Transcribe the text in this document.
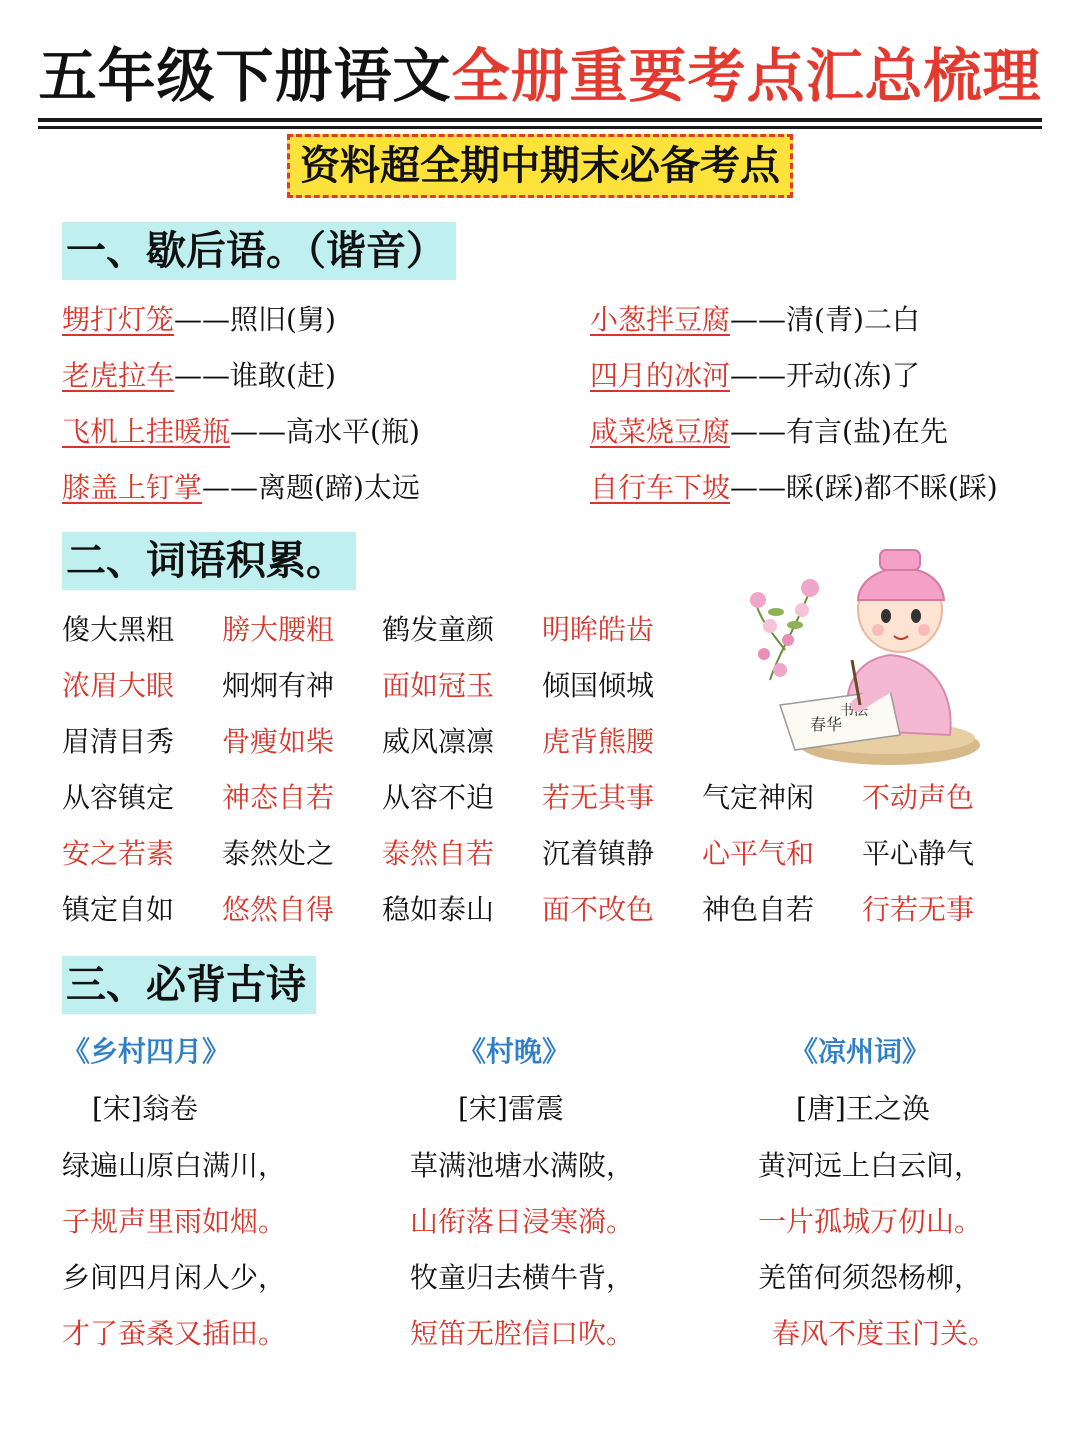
五年级下册语文全册重要考点汇总梳理
资料超全期中期末必备考点
一、歇后语。（谐音）
甥打灯笼——照旧(舅)
老虎拉车——谁敢(赶)
飞机上挂暖瓶——高水平(瓶)
膝盖上钉掌——离题(蹄)太远
小葱拌豆腐——清(青)二白
四月的冰河——开动(冻)了
咸菜烧豆腐——有言(盐)在先
自行车下坡——睬(踩)都不睬(踩)
二、词语积累。
傻大黑粗 膀大腰粗 鹤发童颜 明眸皓齿
浓眉大眼 炯炯有神 面如冠玉 倾国倾城
眉清目秀 骨瘦如柴 威风凛凛 虎背熊腰
从容镇定 神态自若 从容不迫 若无其事 气定神闲 不动声色
安之若素 泰然处之 泰然自若 沉着镇静 心平气和 平心静气
镇定自如 悠然自得 稳如泰山 面不改色 神色自若 行若无事
春华
书法
三、必背古诗
《乡村四月》
[宋]翁卷
绿遍山原白满川，
子规声里雨如烟。
乡间四月闲人少，
才了蚕桑又插田。
《村晚》
[宋]雷震
草满池塘水满陂，
山衔落日浸寒漪。
牧童归去横牛背，
短笛无腔信口吹。
《凉州词》
[唐]王之涣
黄河远上白云间，
一片孤城万仞山。
羌笛何须怨杨柳，
春风不度玉门关。
